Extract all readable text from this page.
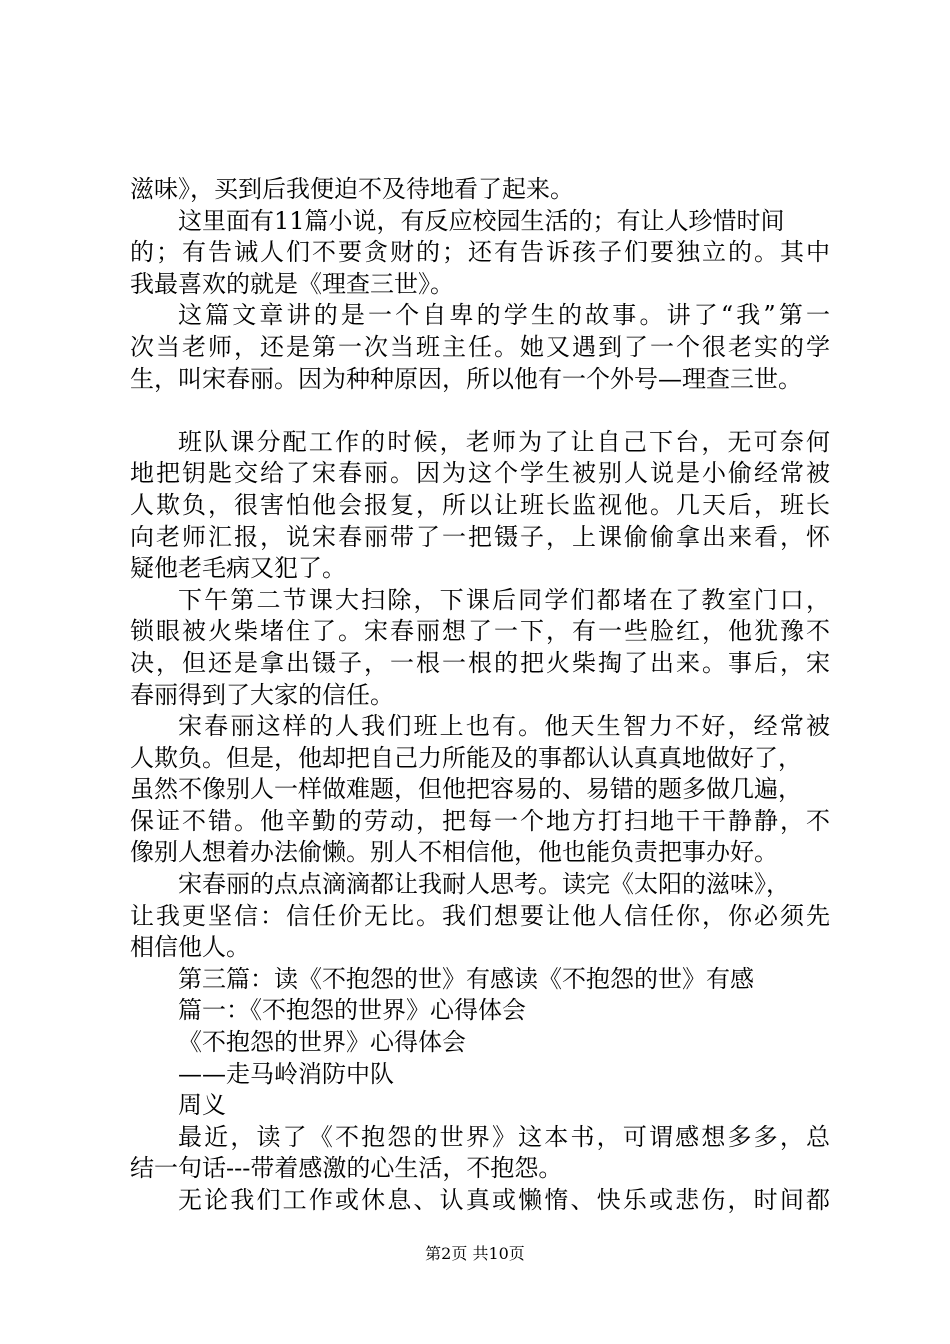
滋味》，买到后我便迫不及待地看了起来。
这里面有11篇小说，有反应校园生活的；有让人珍惜时间
的；有告诫人们不要贪财的；还有告诉孩子们要独立的。其中
我最喜欢的就是《理查三世》。
这篇文章讲的是一个自卑的学生的故事。讲了“我”第一
次当老师，还是第一次当班主任。她又遇到了一个很老实的学
生，叫宋春丽。因为种种原因，所以他有一个外号—理查三世。
班队课分配工作的时候，老师为了让自己下台，无可奈何
地把钥匙交给了宋春丽。因为这个学生被别人说是小偷经常被
人欺负，很害怕他会报复，所以让班长监视他。几天后，班长
向老师汇报，说宋春丽带了一把镊子，上课偷偷拿出来看，怀
疑他老毛病又犯了。
下午第二节课大扫除，下课后同学们都堵在了教室门口，
锁眼被火柴堵住了。宋春丽想了一下，有一些脸红，他犹豫不
决，但还是拿出镊子，一根一根的把火柴掏了出来。事后，宋
春丽得到了大家的信任。
宋春丽这样的人我们班上也有。他天生智力不好，经常被
人欺负。但是，他却把自己力所能及的事都认认真真地做好了，
虽然不像别人一样做难题，但他把容易的、易错的题多做几遍，
保证不错。他辛勤的劳动，把每一个地方打扫地干干静静，不
像别人想着办法偷懒。别人不相信他，他也能负责把事办好。
宋春丽的点点滴滴都让我耐人思考。读完《太阳的滋味》，
让我更坚信：信任价无比。我们想要让他人信任你，你必须先
相信他人。
第三篇：读《不抱怨的世》有感读《不抱怨的世》有感
篇一：《不抱怨的世界》心得体会
《不抱怨的世界》心得体会
——走马岭消防中队
周义
最近，读了《不抱怨的世界》这本书，可谓感想多多，总
结一句话---带着感激的心生活，不抱怨。
无论我们工作或休息、认真或懒惰、快乐或悲伤，时间都
第2页 共10页
